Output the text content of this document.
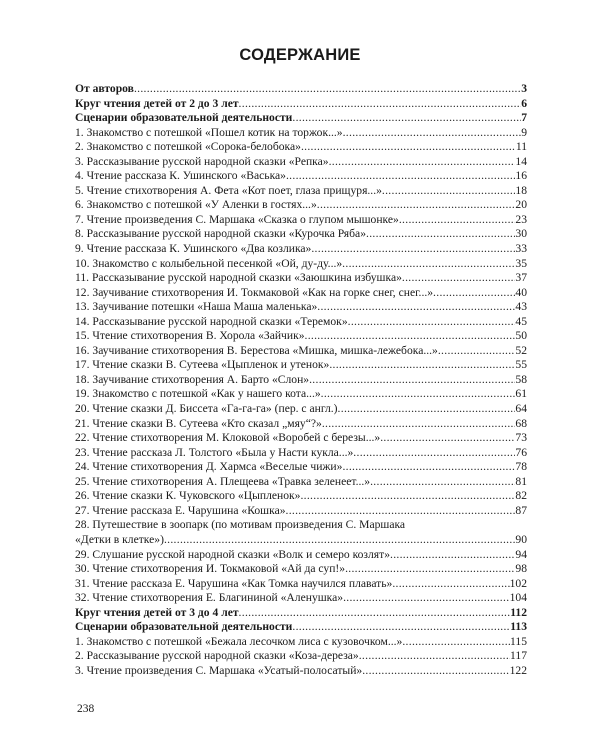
СОДЕРЖАНИЕ
От авторов .....	3
Круг чтения детей от 2 до 3 лет .....	6
Сценарии образовательной деятельности .....	7
1. Знакомство с потешкой «Пошел котик на торжок...» .....	9
2. Знакомство с потешкой «Сорока-белобока» .....	11
3. Рассказывание русской народной сказки «Репка» .....	14
4. Чтение рассказа К. Ушинского «Васька» .....	16
5. Чтение стихотворения А. Фета «Кот поет, глаза прищуря...» .....	18
6. Знакомство с потешкой «У Аленки в гостях...» .....	20
7. Чтение произведения С. Маршака «Сказка о глупом мышонке» .....	23
8. Рассказывание русской народной сказки «Курочка Ряба» .....	30
9. Чтение рассказа К. Ушинского «Два козлика» .....	33
10. Знакомство с колыбельной песенкой «Ой, ду-ду...» .....	35
11. Рассказывание русской народной сказки «Заюшкина избушка» .....	37
12. Заучивание стихотворения И. Токмаковой «Как на горке снег, снег...» .....	40
13. Заучивание потешки «Наша Маша маленька» .....	43
14. Рассказывание русской народной сказки «Теремок» .....	45
15. Чтение стихотворения В. Хорола «Зайчик» .....	50
16. Заучивание стихотворения В. Берестова «Мишка, мишка-лежебока...» .....	52
17. Чтение сказки В. Сутеева «Цыпленок и утенок» .....	55
18. Заучивание стихотворения А. Барто «Слон» .....	58
19. Знакомство с потешкой «Как у нашего кота...» .....	61
20. Чтение сказки Д. Биссета «Га-га-га» (пер. с англ.) .....	64
21. Чтение сказки В. Сутеева «Кто сказал „мяу“?» .....	68
22. Чтение стихотворения М. Клоковой «Воробей с березы...» .....	73
23. Чтение рассказа Л. Толстого «Была у Насти кукла...» .....	76
24. Чтение стихотворения Д. Хармса «Веселые чижи» .....	78
25. Чтение стихотворения А. Плещеева «Травка зеленеет...» .....	81
26. Чтение сказки К. Чуковского «Цыпленок» .....	82
27. Чтение рассказа Е. Чарушина «Кошка» .....	87
28. Путешествие в зоопарк (по мотивам произведения С. Маршака
«Детки в клетке») .....	90
29. Слушание русской народной сказки «Волк и семеро козлят» .....	94
30. Чтение стихотворения И. Токмаковой «Ай да суп!» .....	98
31. Чтение рассказа Е. Чарушина «Как Томка научился плавать» .....	102
32. Чтение стихотворения Е. Благининой «Аленушка» .....	104
Круг чтения детей от 3 до 4 лет .....	112
Сценарии образовательной деятельности .....	113
1. Знакомство с потешкой «Бежала лесочком лиса с кузовочком...» .....	115
2. Рассказывание русской народной сказки «Коза-дереза» .....	117
3. Чтение произведения С. Маршака «Усатый-полосатый» .....	122
238
